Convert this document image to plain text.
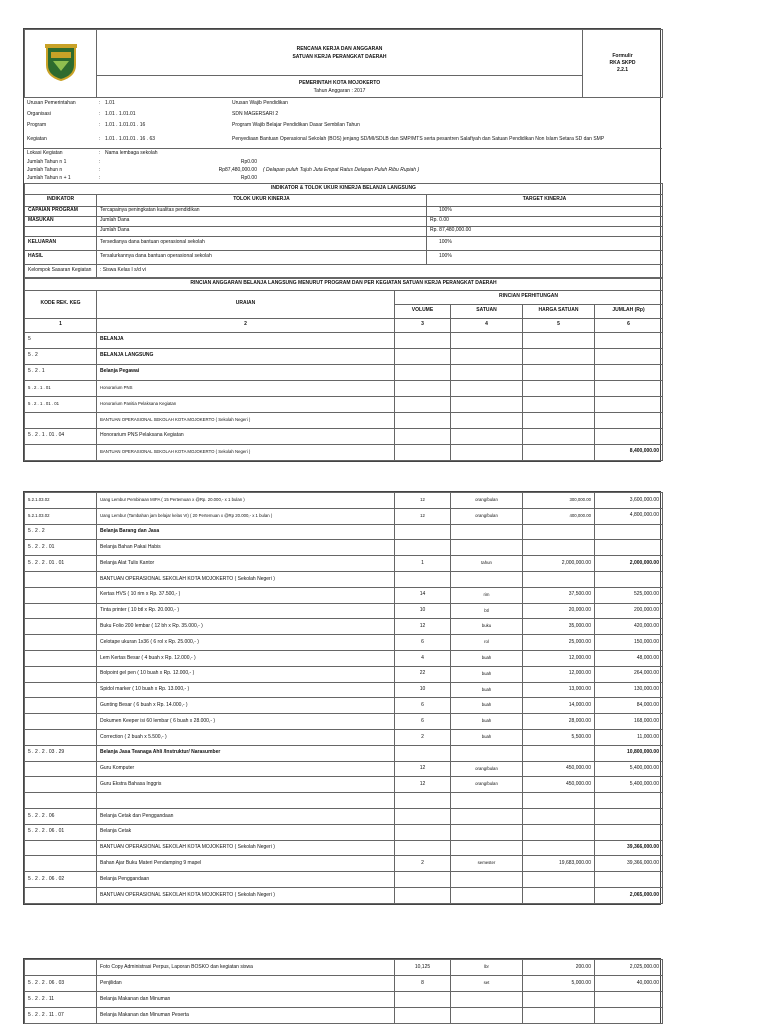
RENCANA KERJA DAN ANGGARAN
SATUAN KERJA PERANGKAT DAERAH	Formulir
RKA SKPD
2.2.1

PEMERINTAH KOTA MOJOKERTO
Tahun Anggaran : 2017
Urusan Pemerintahan	:	1.01	Urusan Wajib Pendidikan
Organisasi	:	1.01 . 1.01.01	SDN MAGERSARI 2
Program	:	1.01 . 1.01.01 . 16	Program Wajib Belajar Pendidikan Dasar Sembilan Tahun
Kegiatan	:	1.01 . 1.01.01 . 16 . 63	Penyediaan Bantuan Operasional Sekolah (BOS) jenjang SD/MI/SDLB dan SMP/MTS serta pesantren Salafiyah dan Satuan Pendidikan Non Islam Setara SD dan SMP
Lokasi Kegiatan	:	Nama lembaga sekolah
Jumlah Tahun n 1	:	Rp0.00	
Jumlah Tahun n	:	Rp87,480,000.00	( Delapan puluh Tujuh Juta Empat Ratus Delapan Puluh Ribu Rupiah )
Jumlah Tahun n + 1	:	Rp0.00	
INDIKATOR & TOLOK UKUR KINERJA BELANJA LANGSUNG		
INDIKATOR	TOLOK UKUR KINERJA	TARGET KINERJA
CAPAIAN PROGRAM	Tercapainya peningkatan kualitas pendidikan	100%
MASUKAN	Jumlah Dana	Rp. 0.00
	Jumlah Dana	Rp. 87,480,000.00
KELUARAN	Tersedianya dana bantuan operasional sekolah	100%
HASIL	Tersalurkannya dana bantuan operasional sekolah	100%
Kelompok Sasaran Kegiatan	: Siswa Kelas I s/d vi	
RINCIAN ANGGARAN BELANJA LANGSUNG MENURUT PROGRAM DAN PER KEGIATAN SATUAN KERJA PERANGKAT DAERAH					
KODE REK. KEG	URAIAN	RINCIAN PERHITUNGAN			
		VOLUME	SATUAN	HARGA SATUAN	JUMLAH (Rp)
1	2	3	4	5	6
5	BELANJA				
5 . 2	BELANJA LANGSUNG				
5 . 2 . 1	Belanja Pegawai				
5 . 2 . 1 . 01	Honorarium PNS				
5 . 2 . 1 . 01 . 01	Honorarium Panitia Pelaksana Kegiatan				
	BANTUAN OPERASIONAL SEKOLAH KOTA MOJOKERTO ( Sekolah Negeri )				
5 . 2 . 1 . 01 . 04	Honorarium PNS Pelaksana Kegiatan				
	BANTUAN OPERASIONAL SEKOLAH KOTA MOJOKERTO ( Sekolah Negeri )				8,400,000.00
5.2.1.03.02	Uang Lembur Pembinaan MIPA ( 15 Pertemuan x @Rp. 20.000,- x 1 bulan )	12	orang/bulan	300,000.00	3,600,000.00
5.2.1.03.02	Uang Lembur (Tambahan jam belajar kelas VI) ( 20 Pertemuan x @Rp 20.000,- x 1 bulan )	12	orang/bulan	400,000.00	4,800,000.00
5 . 2 . 2	Belanja Barang dan Jasa				
5 . 2 . 2 . 01	Belanja Bahan Pakai Habis				
5 . 2 . 2 . 01 . 01	Belanja Alat Tulis Kantor	1	tahun	2,000,000.00	2,000,000.00
	BANTUAN OPERASIONAL SEKOLAH KOTA MOJOKERTO ( Sekolah Negeri )				
	Kertas HVS ( 10 rim x Rp. 37.500,- )	14	rim	37,500.00	525,000.00
	Tinta printer ( 10 btl x Rp. 20.000,- )	10	btl	20,000.00	200,000.00
	Buku Folio 200 lembar ( 12 bh x Rp. 35.000,- )	12	buku	35,000.00	420,000.00
	Celotape ukuran 1x36 ( 6 rol x Rp. 25.000,- )	6	rol	25,000.00	150,000.00
	Lem Kertas Besar ( 4 buah x Rp. 12.000,- )	4	buah	12,000.00	48,000.00
	Bolpoint gel pen ( 10 buah x Rp. 12.000,- )	22	buah	12,000.00	264,000.00
	Spidol marker ( 10 buah x Rp. 13.000,- )	10	buah	13,000.00	130,000.00
	Gunting Besar ( 6 buah x Rp. 14.000,- )	6	buah	14,000.00	84,000.00
	Dokumen Keeper isi 60 lembar ( 6 buah x 28.000,- )	6	buah	28,000.00	168,000.00
	Correction ( 2 buah x 5.500,- )	2	buah	5,500.00	11,000.00
5 . 2 . 2 . 03 . 29	Belanja Jasa Teanaga Ahli /Instruktur/ Narasumber				10,800,000.00
	Guru Komputer	12	orang/bulan	450,000.00	5,400,000.00
	Guru Ekstra Bahasa Inggris	12	orang/bulan	450,000.00	5,400,000.00

5 . 2 . 2 . 06	Belanja Cetak dan Penggandaan				
5 . 2 . 2 . 06 . 01	Belanja Cetak				
	BANTUAN OPERASIONAL SEKOLAH KOTA MOJOKERTO ( Sekolah Negeri )				39,366,000.00
	Bahan Ajar Buku Materi Pendamping 9 mapel	2	semester	19,683,000.00	39,366,000.00
5 . 2 . 2 . 06 . 02	Belanja Penggandaan				
	BANTUAN OPERASIONAL SEKOLAH KOTA MOJOKERTO ( Sekolah Negeri )				2,065,000.00
	Foto Copy Administrasi Perpus, Laporan BOSKO dan kegiatan siswa	10,125	lbr	200.00	2,025,000.00
5 . 2 . 2 . 06 . 03	Penjilidan	8	set	5,000.00	40,000.00
5 . 2 . 2 . 11	Belanja Makanan dan Minuman				
5 . 2 . 2 . 11 . 07	Belanja Makanan dan Minuman Peserta				
